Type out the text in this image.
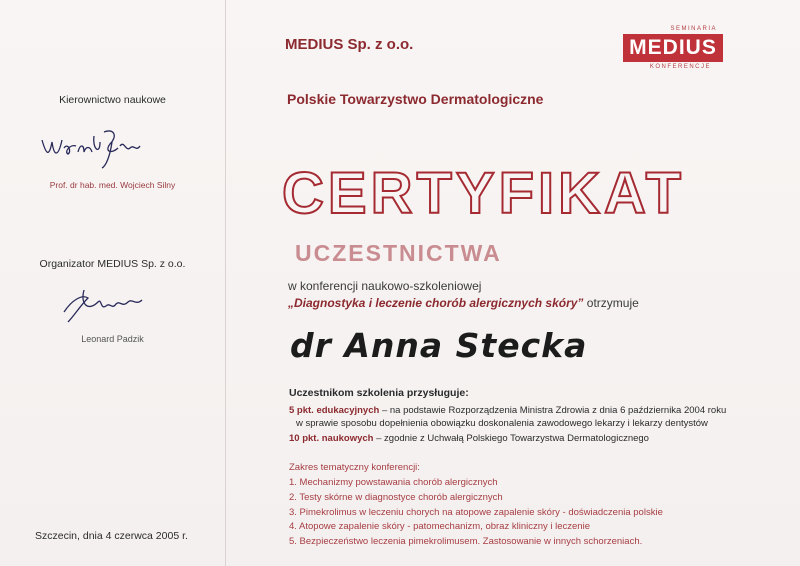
Kierownictwo naukowe
Prof. dr hab. med. Wojciech Silny
Organizator MEDIUS Sp. z o.o.
Leonard Padzik
Szczecin, dnia 4 czerwca 2005 r.
MEDIUS Sp. z o.o.
Polskie Towarzystwo Dermatologiczne
SEMINARIA
MEDIUS
KONFERENCJE
CERTYFIKAT
UCZESTNICTWA
w konferencji naukowo-szkoleniowej
„Diagnostyka i leczenie chorób alergicznych skóry” otrzymuje
dr Anna Stecka
Uczestnikom szkolenia przysługuje:
5 pkt. edukacyjnych – na podstawie Rozporządzenia Ministra Zdrowia z dnia 6 października 2004 roku
w sprawie sposobu dopełnienia obowiązku doskonalenia zawodowego lekarzy i lekarzy dentystów
10 pkt. naukowych – zgodnie z Uchwałą Polskiego Towarzystwa Dermatologicznego
Zakres tematyczny konferencji:
1. Mechanizmy powstawania chorób alergicznych
2. Testy skórne w diagnostyce chorób alergicznych
3. Pimekrolimus w leczeniu chorych na atopowe zapalenie skóry - doświadczenia polskie
4. Atopowe zapalenie skóry - patomechanizm, obraz kliniczny i leczenie
5. Bezpieczeństwo leczenia pimekrolimusem. Zastosowanie w innych schorzeniach.
